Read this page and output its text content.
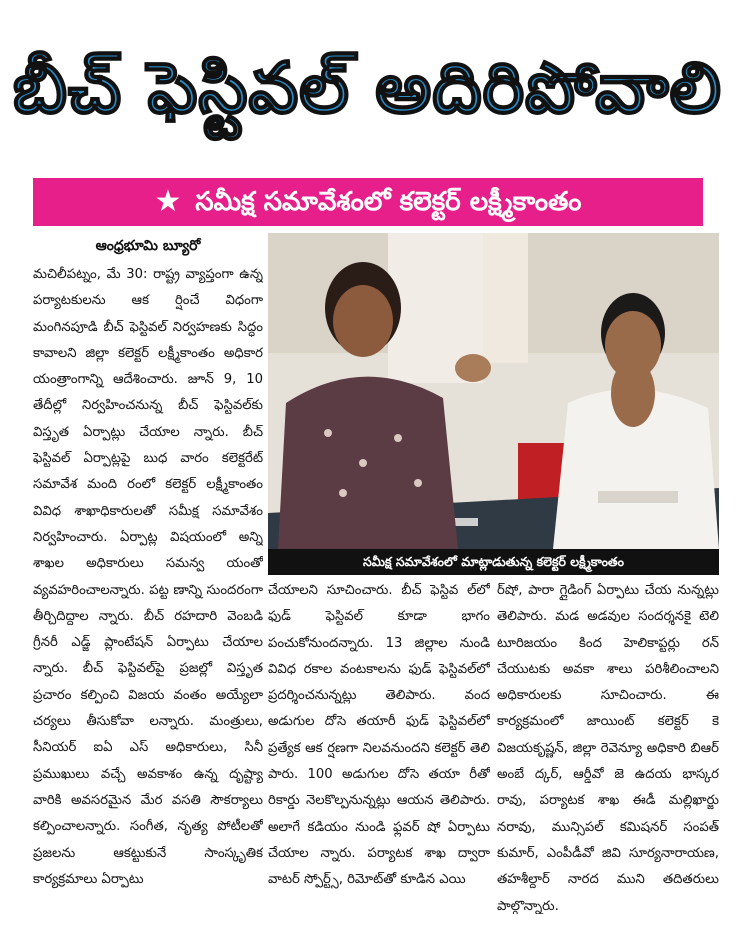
బీచ్ ఫెస్టివల్ అదిరిపోవాలి
★ సమీక్ష సమావేశంలో కలెక్టర్ లక్ష్మీకాంతం
ఆంధ్రభూమి బ్యూరో
మచిలీపట్నం, మే 30: రాష్ట్ర వ్యాప్తంగా ఉన్న పర్యాటకులను ఆక ర్షించే విధంగా మంగినపూడి బీచ్ ఫెస్టివల్ నిర్వహణకు సిద్ధం కావాలని జిల్లా కలెక్టర్ లక్ష్మీకాంతం అధికార యంత్రాంగాన్ని ఆదేశించారు. జూన్ 9, 10 తేదీల్లో నిర్వహించనున్న బీచ్ ఫెస్టివల్‌కు విస్తృత ఏర్పాట్లు చేయాల న్నారు. బీచ్ ఫెస్టివల్ ఏర్పాట్లపై బుధ వారం కలెక్టరేట్ సమావేశ మంది రంలో కలెక్టర్ లక్ష్మీకాంతం వివిధ శాఖాధికారులతో సమీక్ష సమావేశం నిర్వహించారు. ఏర్పాట్ల విషయంలో అన్ని శాఖల అధికారులు సమన్వ యంతో వ్యవహరించాలన్నారు. పట్ట ణాన్ని సుందరంగా తీర్చిదిద్దాల న్నారు. బీచ్ రహదారి వెంబడి గ్రీనరీ ఎడ్జ్ ప్లాంటేషన్ ఏర్పాటు చేయాల న్నారు. బీచ్ ఫెస్టివల్‌పై ప్రజల్లో విస్తృత ప్రచారం కల్పించి విజయ వంతం అయ్యేలా చర్యలు తీసుకోవా లన్నారు. మంత్రులు, సీనియర్ ఐఏ ఎస్ అధికారులు, సినీ ప్రముఖులు వచ్చే అవకాశం ఉన్న దృష్ట్యా వారికి అవసరమైన మేర వసతి సౌకర్యాలు కల్పించాలన్నారు. సంగీత, నృత్య పోటీలతో ప్రజలను ఆకట్టుకునే సాంస్కృతిక కార్యక్రమాలు ఏర్పాటు
సమీక్ష సమావేశంలో మాట్లాడుతున్న కలెక్టర్ లక్ష్మీకాంతం
చేయాలని సూచించారు. బీచ్ ఫెస్టివ ల్‌లో ఫుడ్ ఫెస్టివల్ కూడా భాగం పంచుకోనుందన్నారు. 13 జిల్లాల నుండి వివిధ రకాల వంటకాలను ఫుడ్ ఫెస్టివల్‌లో ప్రదర్శించనున్నట్లు తెలిపారు. వంద అడుగుల దోసె తయారీ ఫుడ్ ఫెస్టివల్‌లో ప్రత్యేక ఆక ర్షణగా నిలవనుందని కలెక్టర్ తెలి పారు. 100 అడుగుల దోసె తయా రీతో రికార్డు నెలకొల్పనున్నట్లు ఆయన తెలిపారు. అలాగే కడియం నుండి ఫ్లవర్ షో ఏర్పాటు చేయాల న్నారు. పర్యాటక శాఖ ద్వారా వాటర్ స్పోర్ట్స్, రిమోట్‌తో కూడిన ఎయి
ర్‌షో, పారా గ్లైడింగ్ ఏర్పాటు చేయ నున్నట్లు తెలిపారు. మడ అడవుల సందర్శనకై టెలి టూరిజయం కింద హెలికాప్టర్లు రన్ చేయుటకు అవకా శాలు పరిశీలించాలని అధికారులకు సూచించారు. ఈ కార్యక్రమంలో జాయింట్ కలెక్టర్ కె విజయకృష్ణన్, జిల్లా రెవెన్యూ అధికారి బిఆర్ అంబే ద్కర్, ఆర్డీవో జె ఉదయ భాస్కర రావు, పర్యాటక శాఖ ఈడీ మల్లిఖార్జు నరావు, మున్సిపల్ కమిషనర్ సంపత్ కుమార్, ఎంపీడీవో జివి సూర్యనారాయణ, తహశీల్దార్ నారద ముని తదితరులు పాల్గొన్నారు.
